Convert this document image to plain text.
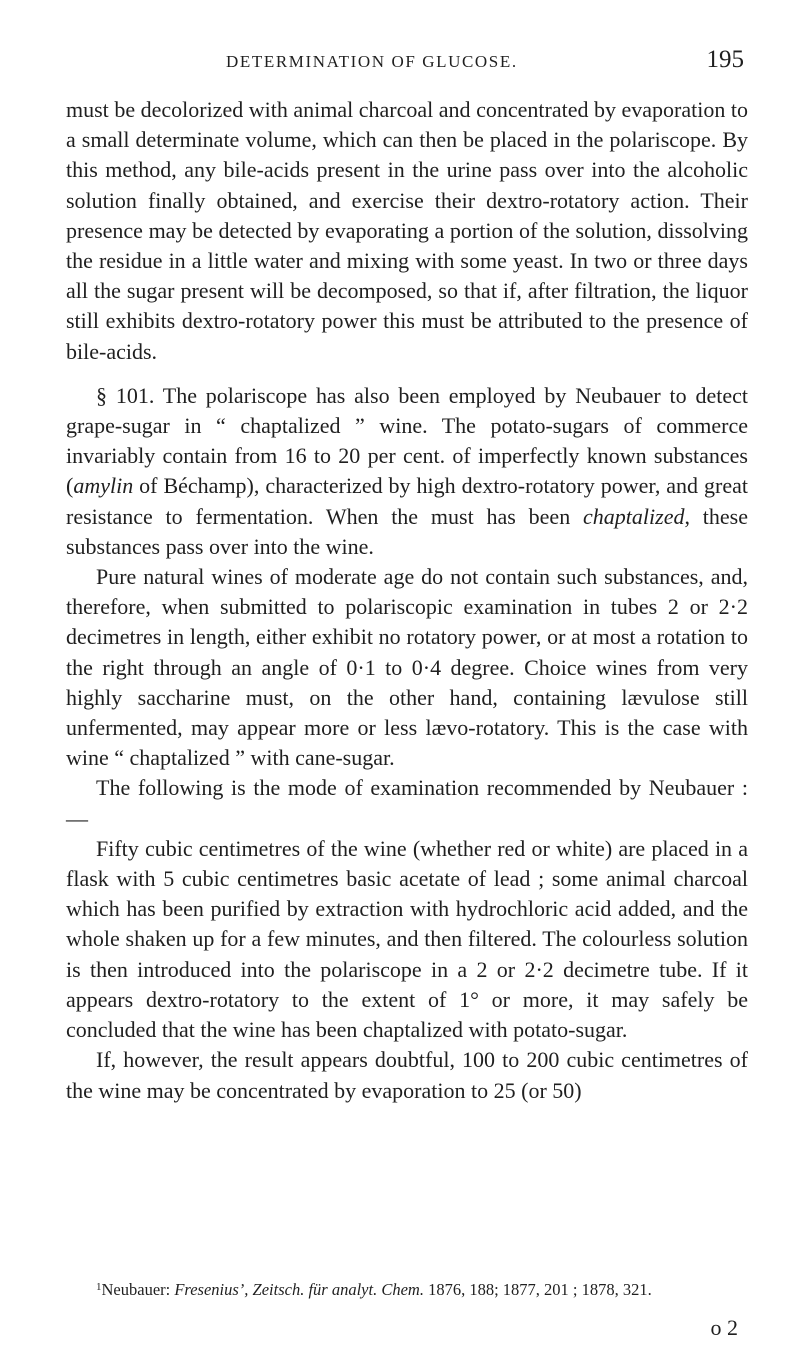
DETERMINATION OF GLUCOSE.	195

must be decolorized with animal charcoal and concentrated by evaporation to a small determinate volume, which can then be placed in the polariscope. By this method, any bile-acids present in the urine pass over into the alcoholic solution finally obtained, and exercise their dextro-rotatory action. Their presence may be detected by evaporating a portion of the solution, dissolving the residue in a little water and mixing with some yeast. In two or three days all the sugar present will be decomposed, so that if, after filtration, the liquor still exhibits dextro-rotatory power this must be attributed to the presence of bile-acids.

§ 101. The polariscope has also been employed by Neubauer to detect grape-sugar in “ chaptalized ” wine. The potato-sugars of commerce invariably contain from 16 to 20 per cent. of imperfectly known substances (amylin of Béchamp), characterized by high dextro-rotatory power, and great resistance to fermentation. When the must has been chaptalized, these substances pass over into the wine.

Pure natural wines of moderate age do not contain such substances, and, therefore, when submitted to polariscopic examination in tubes 2 or 2·2 decimetres in length, either exhibit no rotatory power, or at most a rotation to the right through an angle of 0·1 to 0·4 degree. Choice wines from very highly saccharine must, on the other hand, containing lævulose still unfermented, may appear more or less lævo-rotatory. This is the case with wine “ chaptalized ” with cane-sugar.

The following is the mode of examination recommended by Neubauer :—

Fifty cubic centimetres of the wine (whether red or white) are placed in a flask with 5 cubic centimetres basic acetate of lead ; some animal charcoal which has been purified by extraction with hydrochloric acid added, and the whole shaken up for a few minutes, and then filtered. The colourless solution is then introduced into the polariscope in a 2 or 2·2 decimetre tube. If it appears dextro-rotatory to the extent of 1° or more, it may safely be concluded that the wine has been chaptalized with potato-sugar.

If, however, the result appears doubtful, 100 to 200 cubic centimetres of the wine may be concentrated by evaporation to 25 (or 50)

$^1$Neubauer: Fresenius’, Zeitsch. für analyt. Chem. 1876, 188; 1877, 201 ; 1878, 321.
o 2
